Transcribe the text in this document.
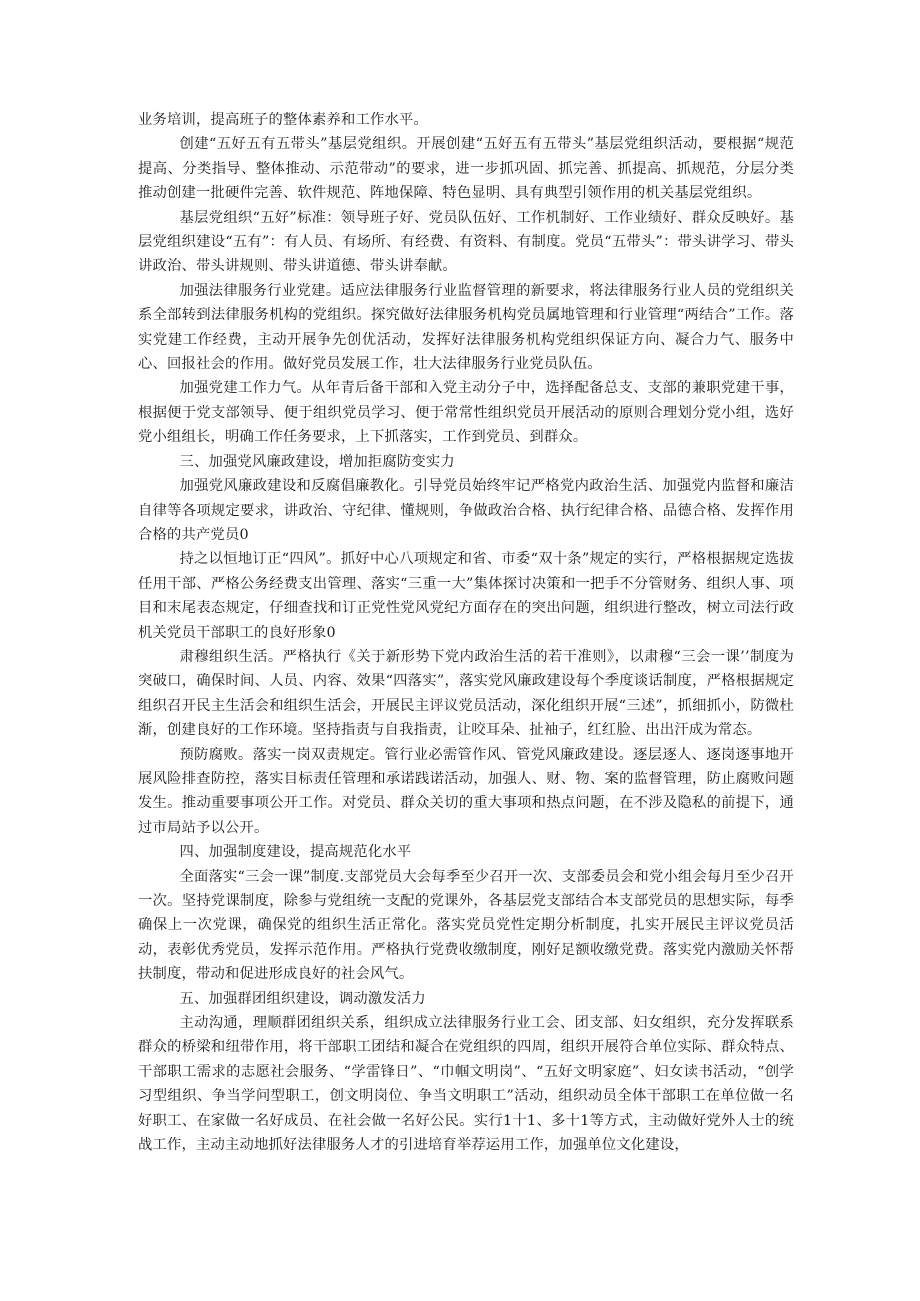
业务培训，提高班子的整体素养和工作水平。

创建“五好五有五带头”基层党组织。开展创建“五好五有五带头”基层党组织活动，要根据“规范提高、分类指导、整体推动、示范带动”的要求，进一步抓巩固、抓完善、抓提高、抓规范，分层分类推动创建一批硬件完善、软件规范、阵地保障、特色显明、具有典型引领作用的机关基层党组织。

基层党组织“五好”标准：领导班子好、党员队伍好、工作机制好、工作业绩好、群众反映好。基层党组织建设“五有”：有人员、有场所、有经费、有资料、有制度。党员“五带头”：带头讲学习、带头讲政治、带头讲规则、带头讲道德、带头讲奉献。

加强法律服务行业党建。适应法律服务行业监督管理的新要求，将法律服务行业人员的党组织关系全部转到法律服务机构的党组织。探究做好法律服务机构党员属地管理和行业管理“两结合”工作。落实党建工作经费，主动开展争先创优活动，发挥好法律服务机构党组织保证方向、凝合力气、服务中心、回报社会的作用。做好党员发展工作，壮大法律服务行业党员队伍。

加强党建工作力气。从年青后备干部和入党主动分子中，选择配备总支、支部的兼职党建干事，根据便于党支部领导、便于组织党员学习、便于常常性组织党员开展活动的原则合理划分党小组，选好党小组组长，明确工作任务要求，上下抓落实，工作到党员、到群众。

三、加强党风廉政建设，增加拒腐防变实力

加强党风廉政建设和反腐倡廉教化。引导党员始终牢记严格党内政治生活、加强党内监督和廉洁自律等各项规定要求，讲政治、守纪律、懂规则，争做政治合格、执行纪律合格、品德合格、发挥作用合格的共产党员0

持之以恒地订正“四风”。抓好中心八项规定和省、市委“双十条”规定的实行，严格根据规定选拔任用干部、严格公务经费支出管理、落实“三重一大”集体探讨决策和一把手不分管财务、组织人事、项目和末尾表态规定，仔细查找和订正党性党风党纪方面存在的突出问题，组织进行整改，树立司法行政机关党员干部职工的良好形象0

肃穆组织生活。严格执行《关于新形势下党内政治生活的若干准则》，以肃穆“三会一课’’制度为突破口，确保时间、人员、内容、效果“四落实”，落实党风廉政建设每个季度谈话制度，严格根据规定组织召开民主生活会和组织生活会，开展民主评议党员活动，深化组织开展“三述”，抓细抓小，防微杜渐，创建良好的工作环境。坚持指责与自我指责，让咬耳朵、扯袖子，红红脸、出出汗成为常态。

预防腐败。落实一岗双责规定。管行业必需管作风、管党风廉政建设。逐层逐人、逐岗逐事地开展风险排查防控，落实目标责任管理和承诺践诺活动，加强人、财、物、案的监督管理，防止腐败问题发生。推动重要事项公开工作。对党员、群众关切的重大事项和热点问题，在不涉及隐私的前提下，通过市局站予以公开。

四、加强制度建设，提高规范化水平

全面落实“三会一课”制度.支部党员大会每季至少召开一次、支部委员会和党小组会每月至少召开一次。坚持党课制度，除参与党组统一支配的党课外，各基层党支部结合本支部党员的思想实际，每季确保上一次党课，确保党的组织生活正常化。落实党员党性定期分析制度，扎实开展民主评议党员活动，表彰优秀党员，发挥示范作用。严格执行党费收缴制度，刚好足额收缴党费。落实党内激励关怀帮扶制度，带动和促进形成良好的社会风气。

五、加强群团组织建设，调动激发活力

主动沟通，理顺群团组织关系，组织成立法律服务行业工会、团支部、妇女组织，充分发挥联系群众的桥梁和纽带作用，将干部职工团结和凝合在党组织的四周，组织开展符合单位实际、群众特点、干部职工需求的志愿社会服务、“学雷锋日”、“巾帼文明岗”、“五好文明家庭”、妇女读书活动，“创学习型组织、争当学问型职工，创文明岗位、争当文明职工”活动，组织动员全体干部职工在单位做一名好职工、在家做一名好成员、在社会做一名好公民。实行1十1、多十1等方式，主动做好党外人士的统战工作，主动主动地抓好法律服务人才的引进培育举荐运用工作，加强单位文化建设，
